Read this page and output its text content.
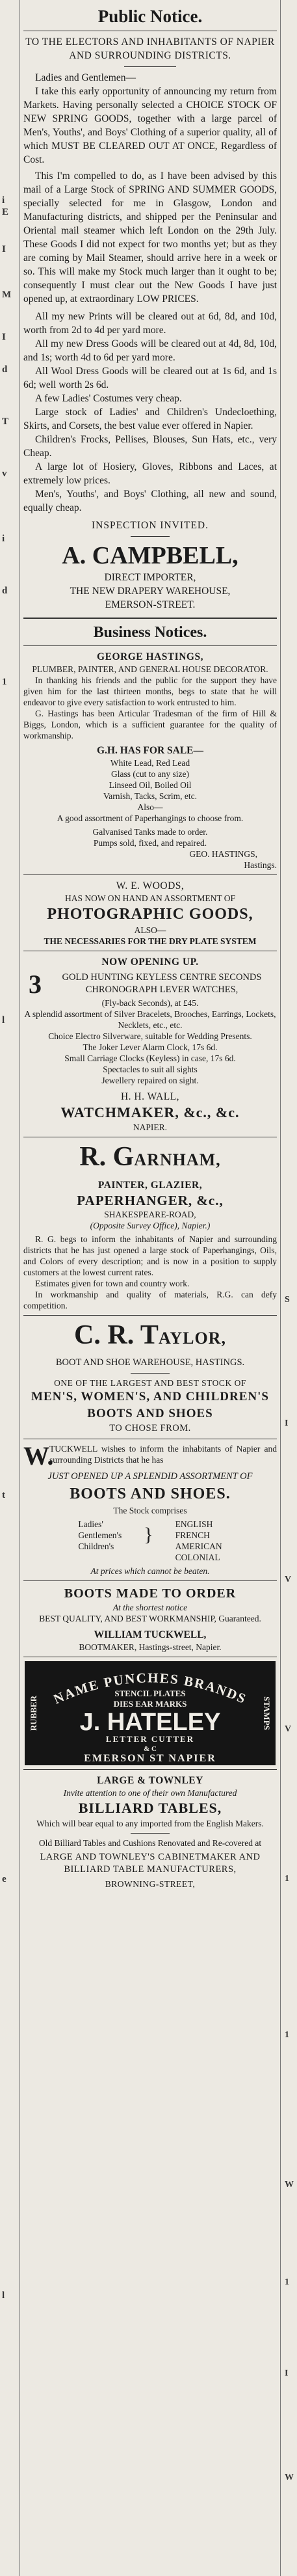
i
E
I
M
I
d
T
v
i
d
1
l
t
e
l
S
I
V
V
1
1
W
1
I
W
Public Notice.

TO THE ELECTORS AND INHABITANTS OF NAPIER AND SURROUNDING DISTRICTS.

Ladies and Gentlemen—

I take this early opportunity of announcing my return from Markets. Having personally selected a CHOICE STOCK OF NEW SPRING GOODS, together with a large parcel of Men's, Youths', and Boys' Clothing of a superior quality, all of which MUST BE CLEARED OUT AT ONCE, Regardless of Cost.

This I'm compelled to do, as I have been advised by this mail of a Large Stock of SPRING AND SUMMER GOODS, specially selected for me in Glasgow, London and Manufacturing districts, and shipped per the Peninsular and Oriental mail steamer which left London on the 29th July. These Goods I did not expect for two months yet; but as they are coming by Mail Steamer, should arrive here in a week or so. This will make my Stock much larger than it ought to be; consequently I must clear out the New Goods I have just opened up, at extraordinary LOW PRICES.

All my new Prints will be cleared out at 6d, 8d, and 10d, worth from 2d to 4d per yard more.

All my new Dress Goods will be cleared out at 4d, 8d, 10d, and 1s; worth 4d to 6d per yard more.

All Wool Dress Goods will be cleared out at 1s 6d, and 1s 6d; well worth 2s 6d.

A few Ladies' Costumes very cheap.

Large stock of Ladies' and Children's Undecloething, Skirts, and Corsets, the best value ever offered in Napier.

Children's Frocks, Pellises, Blouses, Sun Hats, etc., very Cheap.

A large lot of Hosiery, Gloves, Ribbons and Laces, at extremely low prices.

Men's, Youths', and Boys' Clothing, all new and sound, equally cheap.

INSPECTION INVITED.

A. CAMPBELL,

DIRECT IMPORTER,

THE NEW DRAPERY WAREHOUSE,

EMERSON-STREET.

Business Notices.

GEORGE HASTINGS,

PLUMBER, PAINTER, AND GENERAL HOUSE DECORATOR.

In thanking his friends and the public for the support they have given him for the last thirteen months, begs to state that he will endeavor to give every satisfaction to work entrusted to him.

G. Hastings has been Articular Tradesman of the firm of Hill & Biggs, London, which is a sufficient guarantee for the quality of workmanship.

G.H. HAS FOR SALE—

White Lead, Red Lead

Glass (cut to any size)

Linseed Oil, Boiled Oil

Varnish, Tacks, Scrim, etc.

Also—

A good assortment of Paperhangings to choose from.

Galvanised Tanks made to order.

Pumps sold, fixed, and repaired.

GEO. HASTINGS,

Hastings.

W. E. WOODS,

HAS NOW ON HAND AN ASSORTMENT OF

PHOTOGRAPHIC GOODS,

ALSO—

THE NECESSARIES FOR THE DRY PLATE SYSTEM

NOW OPENING UP.

3	GOLD HUNTING KEYLESS CENTRE SECONDS CHRONOGRAPH LEVER WATCHES,

(Fly-back Seconds), at £45.

A splendid assortment of Silver Bracelets, Brooches, Earrings, Lockets, Necklets, etc., etc.

Choice Electro Silverware, suitable for Wedding Presents.

The Joker Lever Alarm Clock, 17s 6d.

Small Carriage Clocks (Keyless) in case, 17s 6d.

Spectacles to suit all sights

Jewellery repaired on sight.

H. H. WALL,

WATCHMAKER, &c., &c.

NAPIER.

R. GARNHAM,

PAINTER, GLAZIER,

PAPERHANGER, &c.,

SHAKESPEARE-ROAD,

(Opposite Survey Office), Napier.)

R. G. begs to inform the inhabitants of Napier and surrounding districts that he has just opened a large stock of Paperhangings, Oils, and Colors of every description; and is now in a position to supply customers at the lowest current rates.

Estimates given for town and country work.

In workmanship and quality of materials, R.G. can defy competition.

C. R. TAYLOR,

BOOT AND SHOE WAREHOUSE, HASTINGS.

ONE OF THE LARGEST AND BEST STOCK OF

MEN'S, WOMEN'S, AND CHILDREN'S BOOTS AND SHOES

TO CHOSE FROM.

W.

TUCKWELL wishes to inform the inhabitants of Napier and surrounding Districts that he has

JUST OPENED UP A SPLENDID ASSORTMENT OF

BOOTS AND SHOES.

The Stock comprises

Ladies'

Gentlemen's

Children's

}	ENGLISH

FRENCH

AMERICAN

COLONIAL

At prices which cannot be beaten.

BOOTS MADE TO ORDER

At the shortest notice

BEST QUALITY, AND BEST WORKMANSHIP, Guaranteed.

WILLIAM TUCKWELL,

BOOTMAKER, Hastings-street, Napier.

NAME PUNCHES BRANDS
STENCIL PLATES
DIES EAR MARKS
J. HATELEY
LETTER CUTTER
& C
EMERSON ST NAPIER
RUBBER	STAMPS

LARGE & TOWNLEY

Invite attention to one of their own Manufactured

BILLIARD TABLES,

Which will bear equal to any imported from the English Makers.

Old Billiard Tables and Cushions Renovated and Re-covered at

LARGE AND TOWNLEY'S CABINETMAKER AND BILLIARD TABLE MANUFACTURERS,

BROWNING-STREET,
